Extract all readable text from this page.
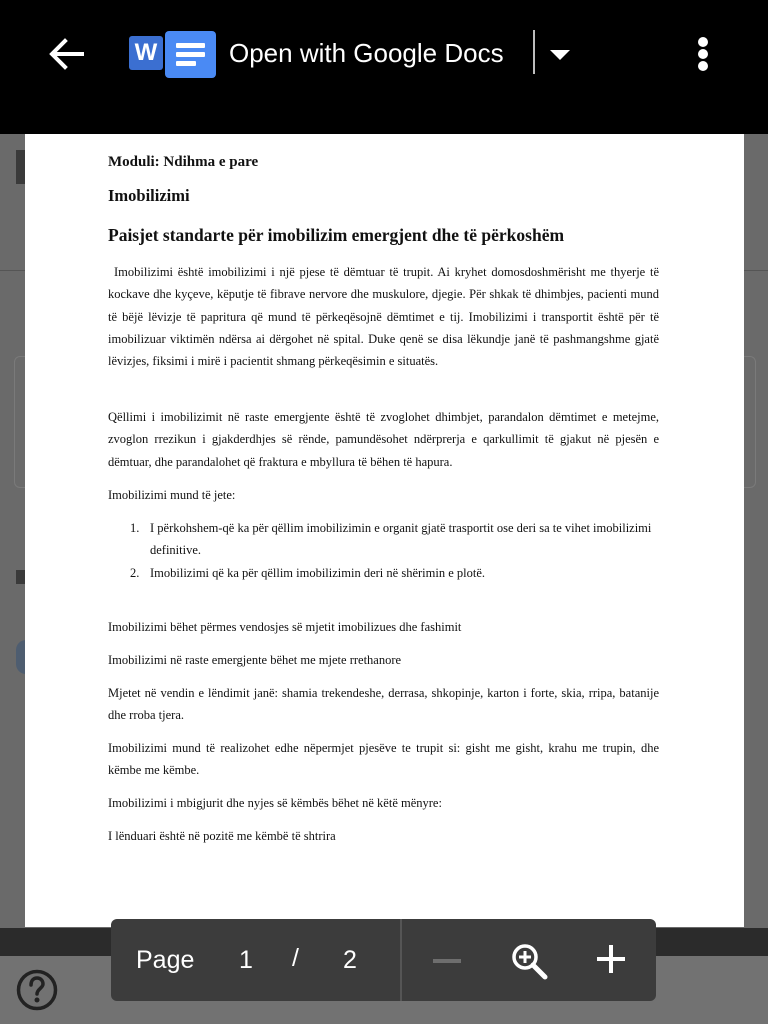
W	Open with Google Docs
Moduli: Ndihma e pare
Imobilizimi
Paisjet standarte për imobilizim emergjent dhe të përkoshëm
Imobilizimi është imobilizimi i një pjese të dëmtuar të trupit. Ai kryhet domosdoshmërisht me thyerje të kockave dhe kyçeve, këputje të fibrave nervore dhe muskulore, djegie. Për shkak të dhimbjes, pacienti mund të bëjë lëvizje të papritura që mund të përkeqësojnë dëmtimet e tij. Imobilizimi i transportit është për të imobilizuar viktimën ndërsa ai dërgohet në spital. Duke qenë se disa lëkundje janë të pashmangshme gjatë lëvizjes, fiksimi i mirë i pacientit shmang përkeqësimin e situatës.
Qëllimi i imobilizimit në raste emergjente është të zvoglohet dhimbjet, parandalon dëmtimet e metejme, zvoglon rrezikun i gjakderdhjes së rënde, pamundësohet ndërprerja e qarkullimit të gjakut në pjesën e dëmtuar, dhe parandalohet që fraktura e mbyllura të bëhen të hapura.
Imobilizimi mund të jete:
1. I përkohshem-që ka për qëllim imobilizimin e organit gjatë trasportit ose deri sa te vihet imobilizimi definitive.
2. Imobilizimi që ka për qëllim imobilizimin deri në shërimin e plotë.
Imobilizimi bëhet përmes vendosjes së mjetit imobilizues dhe fashimit
Imobilizimi në raste emergjente bëhet me mjete rrethanore
Mjetet në vendin e lëndimit janë: shamia trekendeshe, derrasa, shkopinje, karton i forte, skia, rripa, batanije dhe rroba tjera.
Imobilizimi mund të realizohet edhe nëpermjet pjesëve te trupit si: gisht me gisht, krahu me trupin, dhe këmbe me këmbe.
Imobilizimi i mbigjurit dhe nyjes së këmbës bëhet në këtë mënyre:
I lënduari është në pozitë me këmbë të shtrira
Page 1 / 2
